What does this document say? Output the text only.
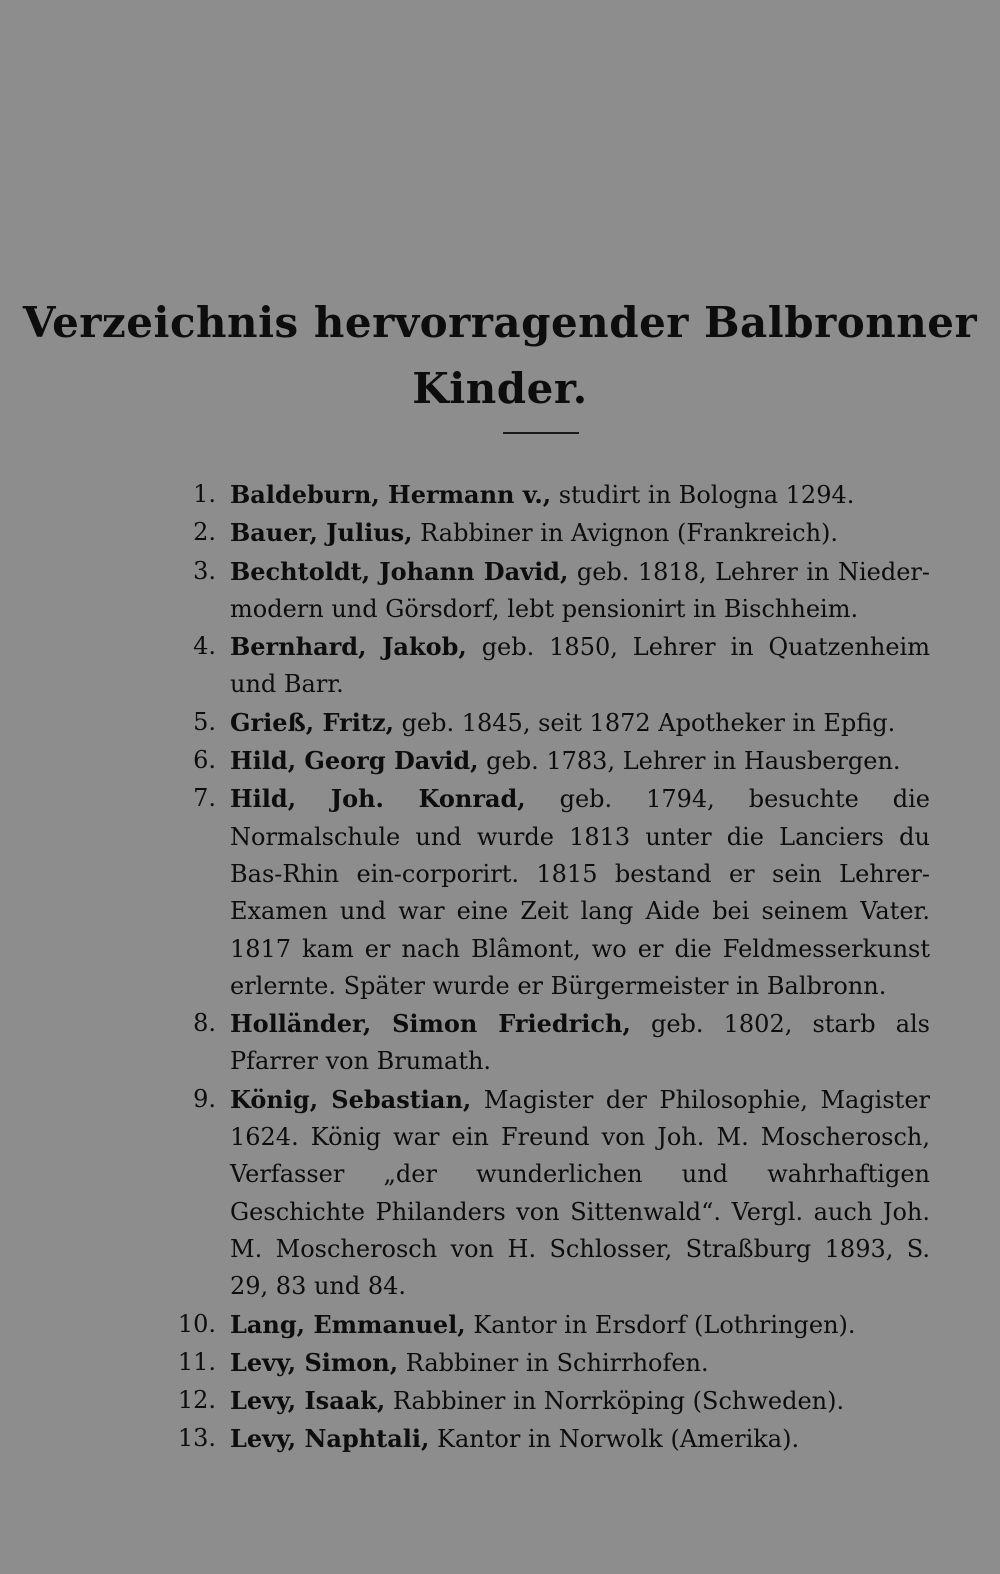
Verzeichnis hervorragender Balbronner
Kinder.
1. Baldeburn, Hermann v., studirt in Bologna 1294.
2. Bauer, Julius, Rabbiner in Avignon (Frankreich).
3. Bechtoldt, Johann David, geb. 1818, Lehrer in Nieder-modern und Görsdorf, lebt pensionirt in Bischheim.
4. Bernhard, Jakob, geb. 1850, Lehrer in Quatzenheim und Barr.
5. Grieß, Fritz, geb. 1845, seit 1872 Apotheker in Epfig.
6. Hild, Georg David, geb. 1783, Lehrer in Hausbergen.
7. Hild, Joh. Konrad, geb. 1794, besuchte die Normalschule und wurde 1813 unter die Lanciers du Bas-Rhin ein-corporirt. 1815 bestand er sein Lehrer-Examen und war eine Zeit lang Aide bei seinem Vater. 1817 kam er nach Blâmont, wo er die Feldmesserkunst erlernte. Später wurde er Bürgermeister in Balbronn.
8. Holländer, Simon Friedrich, geb. 1802, starb als Pfarrer von Brumath.
9. König, Sebastian, Magister der Philosophie, Magister 1624. König war ein Freund von Joh. M. Moscherosch, Verfasser „der wunderlichen und wahrhaftigen Geschichte Philanders von Sittenwald“. Vergl. auch Joh. M. Moscherosch von H. Schlosser, Straßburg 1893, S. 29, 83 und 84.
10. Lang, Emmanuel, Kantor in Ersdorf (Lothringen).
11. Levy, Simon, Rabbiner in Schirrhofen.
12. Levy, Isaak, Rabbiner in Norrköping (Schweden).
13. Levy, Naphtali, Kantor in Norwolk (Amerika).
